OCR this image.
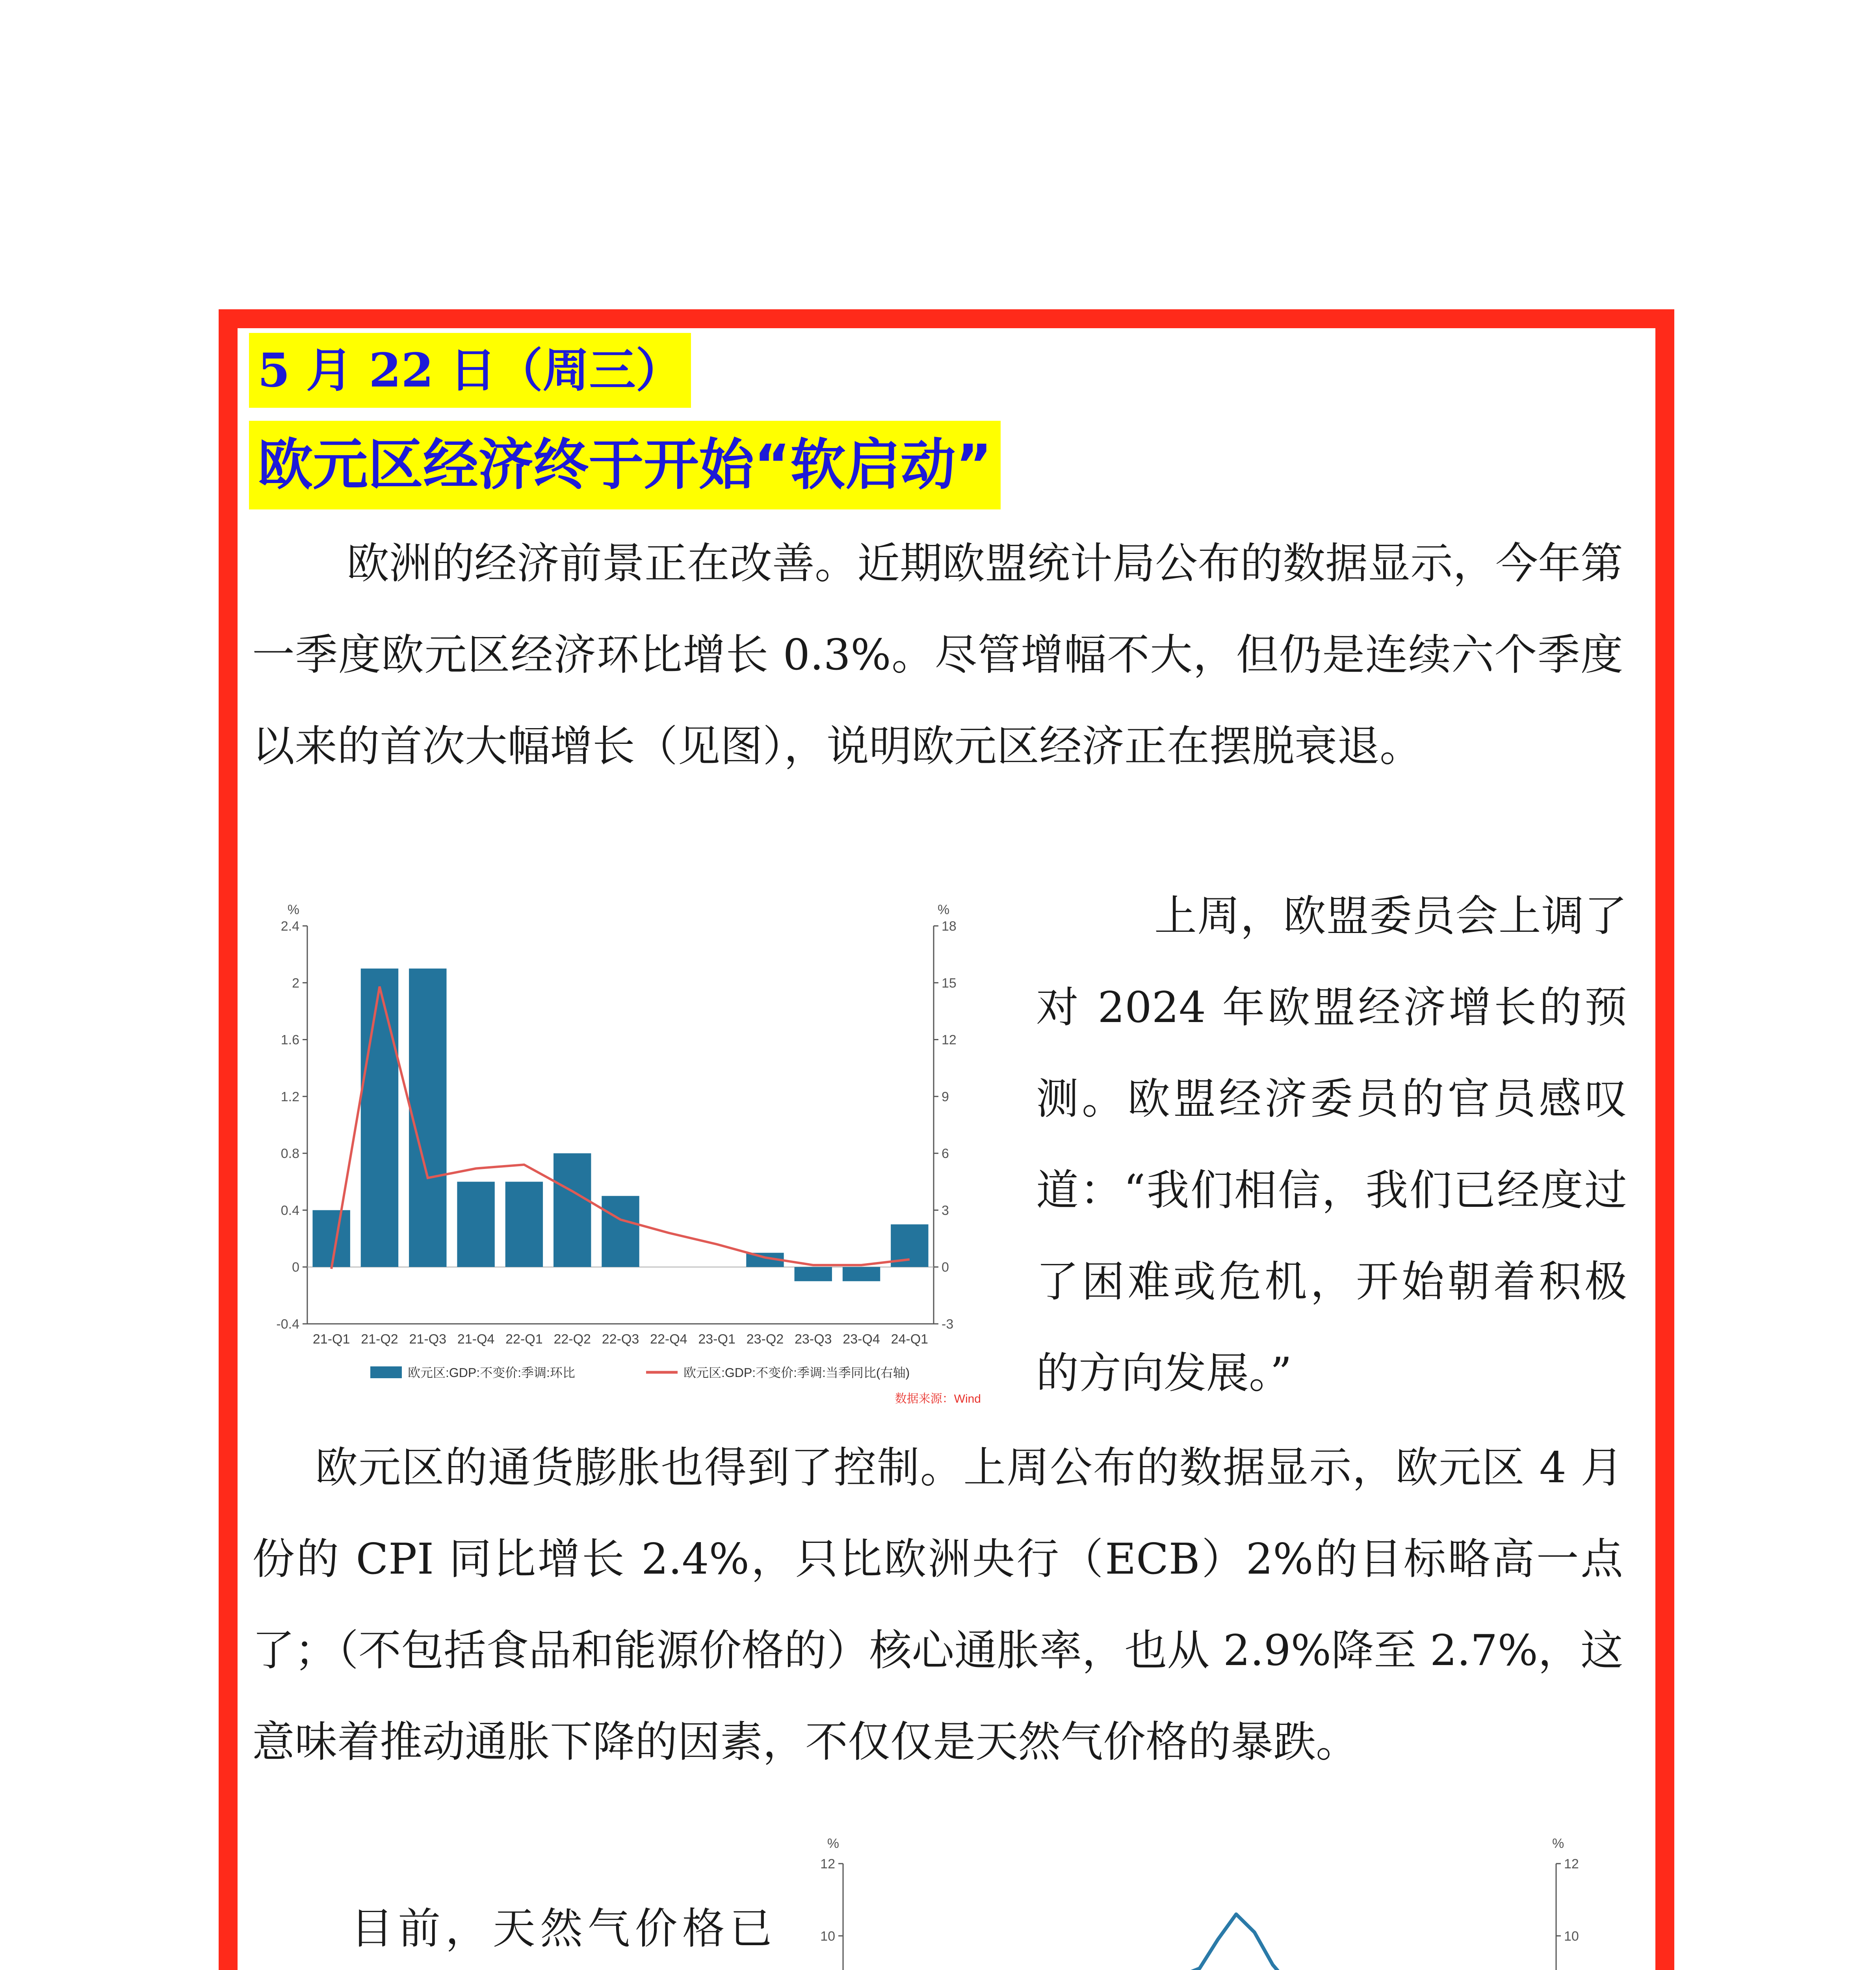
5 月 22 日（周三）
欧元区经济终于开始“软启动”

欧洲的经济前景正在改善。近期欧盟统计局公布的数据显示，今年第一季度欧元区经济环比增长 0.3%。尽管增幅不大，但仍是连续六个季度以来的首次大幅增长（见图），说明欧元区经济正在摆脱衰退。

%	%
-0.4
0
0.4
0.8
1.2
1.6
2
2.4
-3
0
3
6
9
12
15
18
21-Q1 21-Q2 21-Q3 21-Q4 22-Q1 22-Q2 22-Q3 22-Q4 23-Q1 23-Q2 23-Q3 23-Q4 24-Q1
欧元区:GDP:不变价:季调:环比	欧元区:GDP:不变价:季调:当季同比(右轴)
数据来源：Wind

上周，欧盟委员会上调了对 2024 年欧盟经济增长的预测。欧盟经济委员的官员感叹道：“我们相信，我们已经度过了困难或危机，开始朝着积极的方向发展。”

欧元区的通货膨胀也得到了控制。上周公布的数据显示，欧元区 4 月份的 CPI 同比增长 2.4%，只比欧洲央行（ECB）2%的目标略高一点了；（不包括食品和能源价格的）核心通胀率，也从 2.9%降至 2.7%，这意味着推动通胀下降的因素，不仅仅是天然气价格的暴跌。

目前，天然气价格已

%	%
10
12
10
12
